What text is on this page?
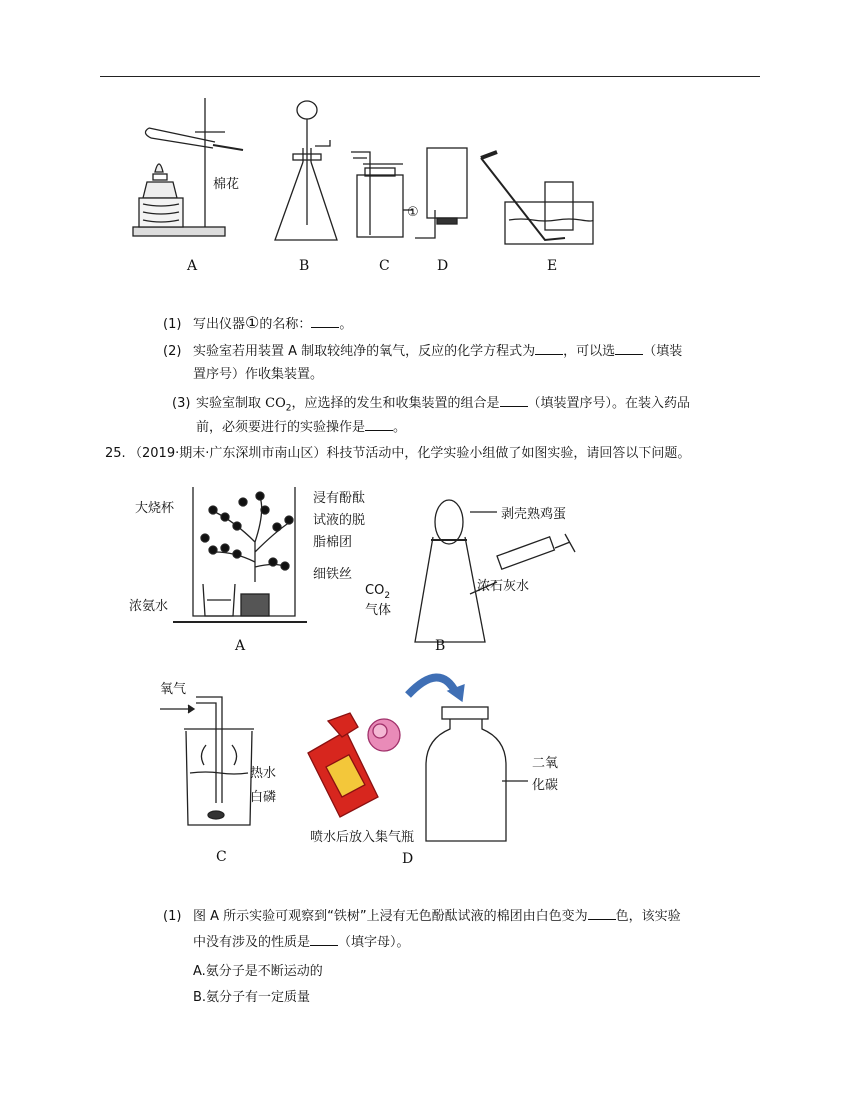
棉花
①
A	B	C	D	E
(1) 写出仪器①的名称： 。
(2) 实验室若用装置 A 制取较纯净的氧气，反应的化学方程式为 ，可以选 （填装
置序号）作收集装置。
(3) 实验室制取 $CO_2$，应选择的发生和收集装置的组合是 （填装置序号）。在装入药品
前，必须要进行的实验操作是 。
25. （2019·期末·广东深圳市南山区）科技节活动中，化学实验小组做了如图实验，请回答以下问题。
大烧杯
浸有酚酞
试液的脱
脂棉团
细铁丝
浓氨水
A
剥壳熟鸡蛋
浓石灰水
$CO_2$
气体
B
氧气
热水
白磷
C
二氧
化碳
喷水后放入集气瓶
D
(1) 图 A 所示实验可观察到“铁树”上浸有无色酚酞试液的棉团由白色变为 色，该实验
中没有涉及的性质是 （填字母）。
A.氨分子是不断运动的
B.氨分子有一定质量
